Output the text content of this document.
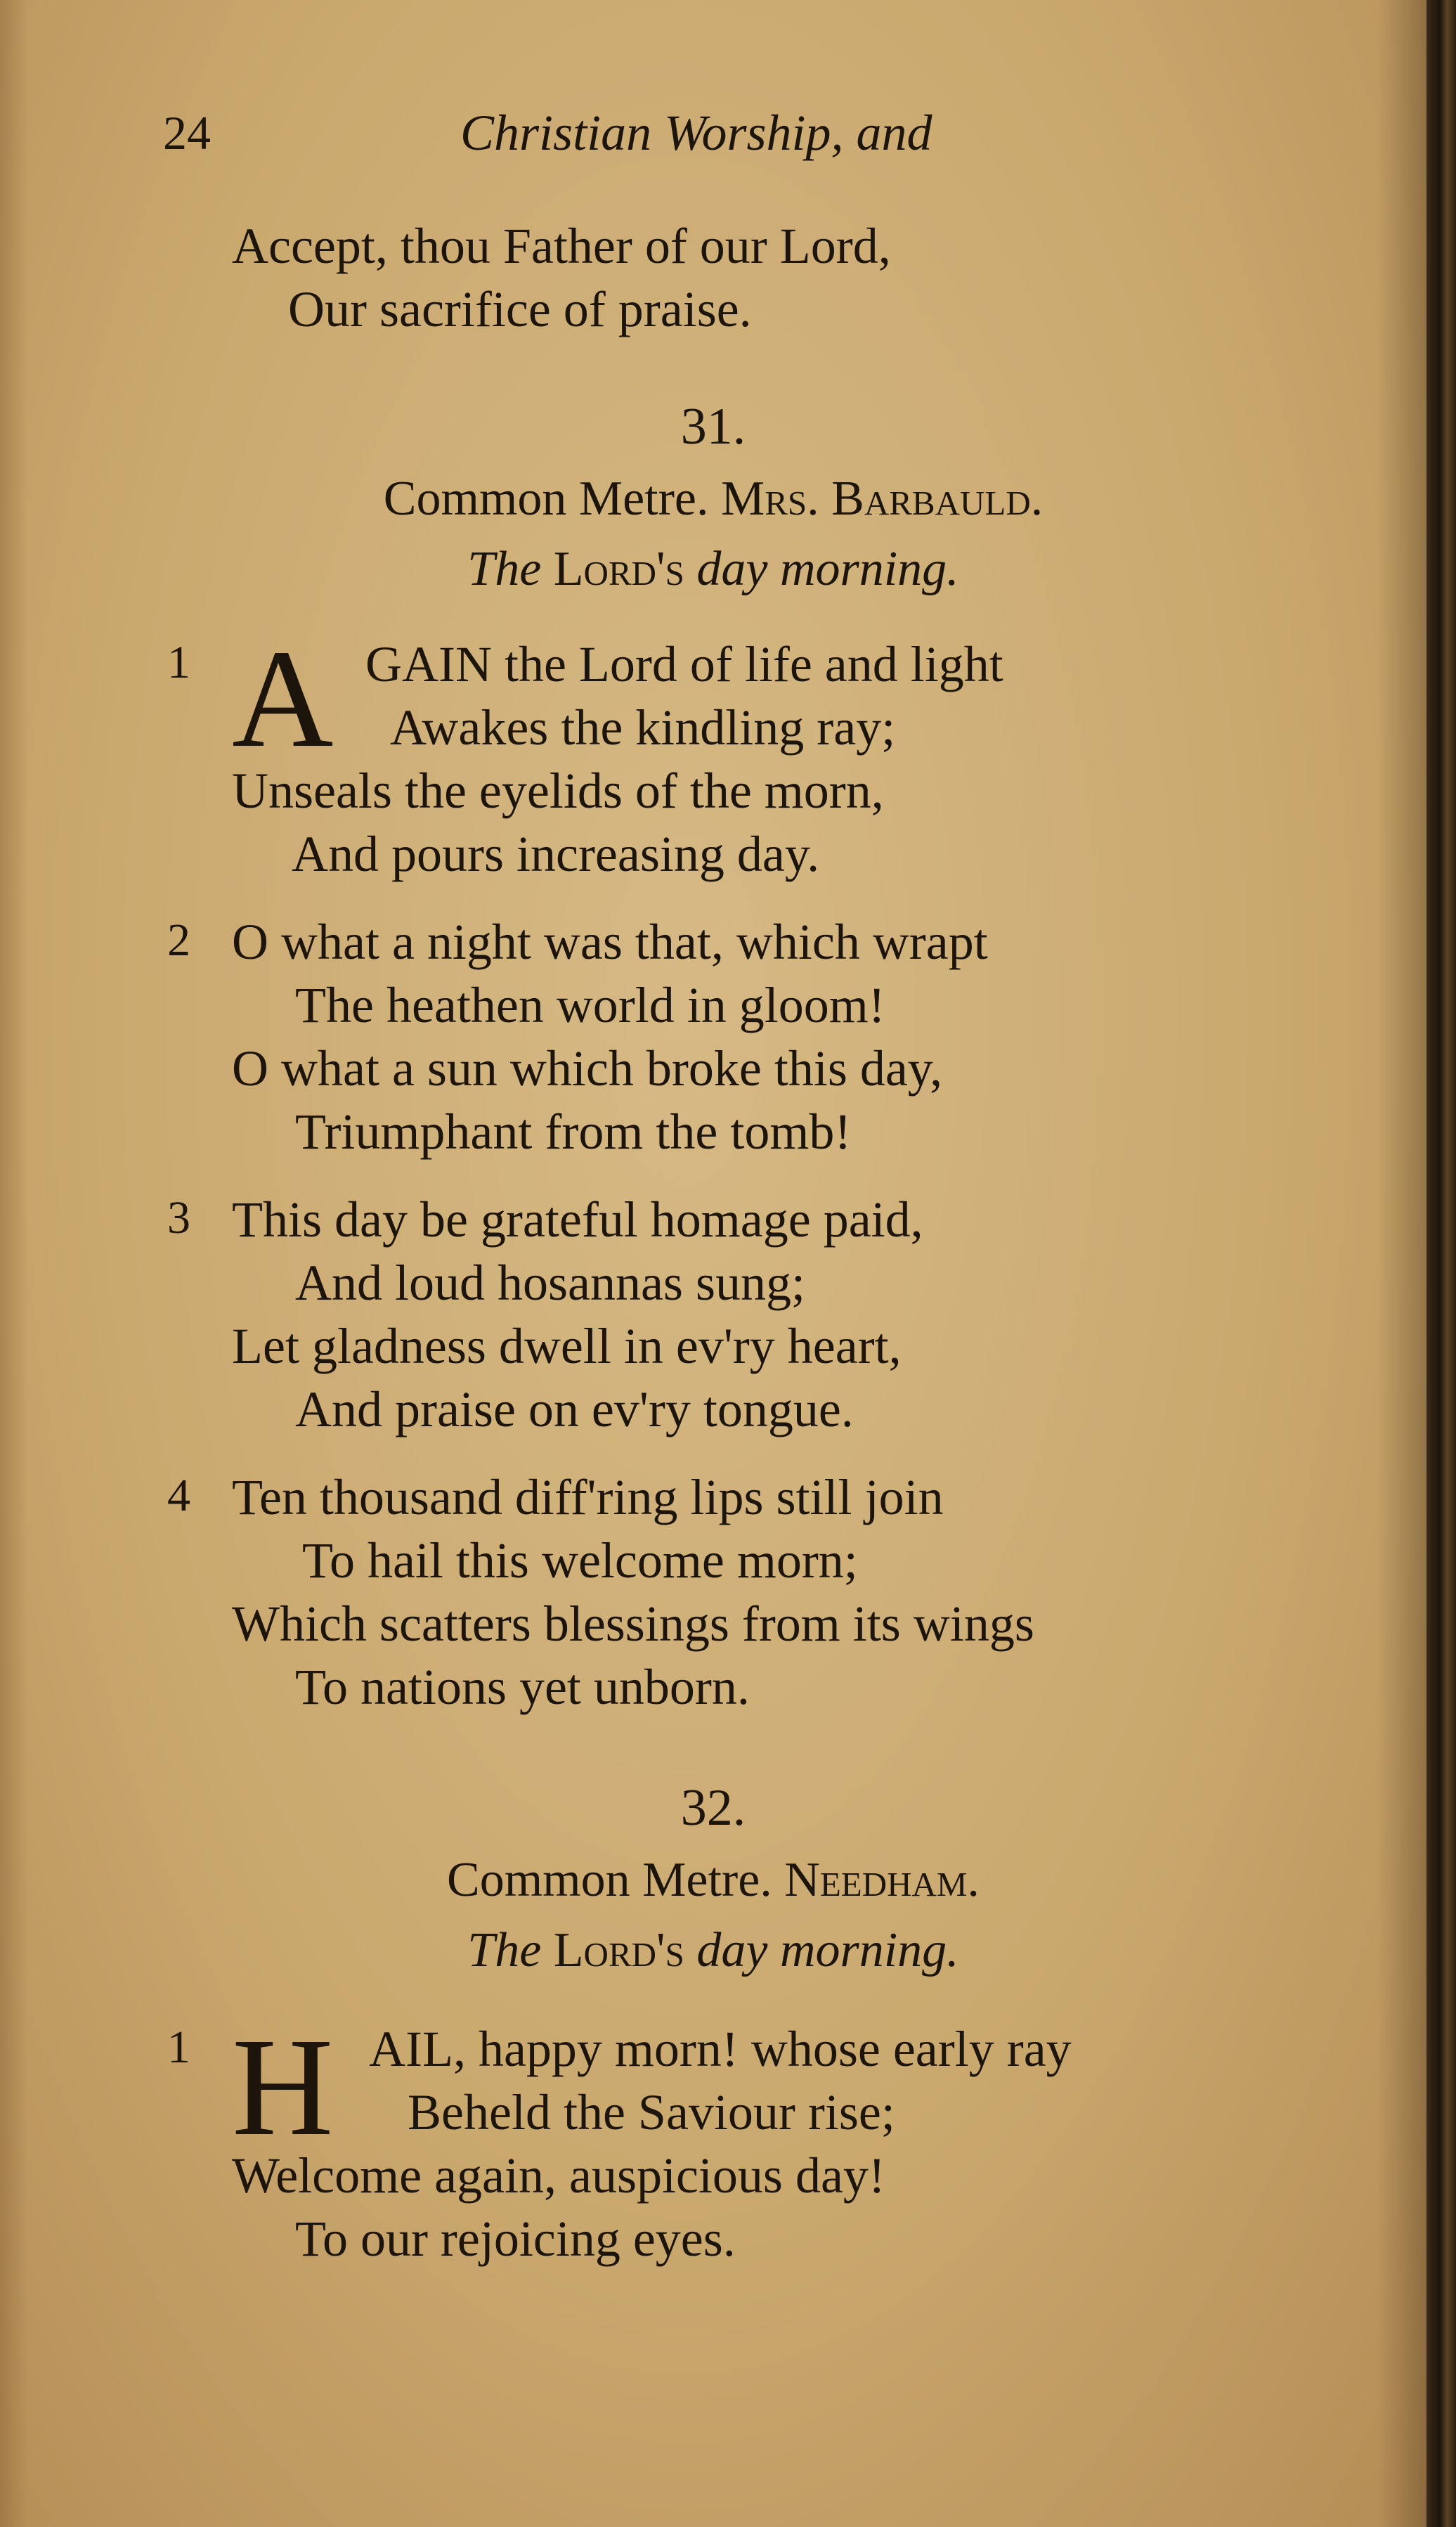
24	Christian Worship, and
Accept, thou Father of our Lord,
Our sacrifice of praise.
31.
Common Metre. Mrs. Barbauld.
The Lord's day morning.
1 A GAIN the Lord of life and light
Awakes the kindling ray;
Unseals the eyelids of the morn,
And pours increasing day.
2 O what a night was that, which wrapt
The heathen world in gloom!
O what a sun which broke this day,
Triumphant from the tomb!
3 This day be grateful homage paid,
And loud hosannas sung;
Let gladness dwell in ev'ry heart,
And praise on ev'ry tongue.
4 Ten thousand diff'ring lips still join
To hail this welcome morn;
Which scatters blessings from its wings
To nations yet unborn.
32.
Common Metre. Needham.
The Lord's day morning.
1 H AIL, happy morn! whose early ray
Beheld the Saviour rise;
Welcome again, auspicious day!
To our rejoicing eyes.
